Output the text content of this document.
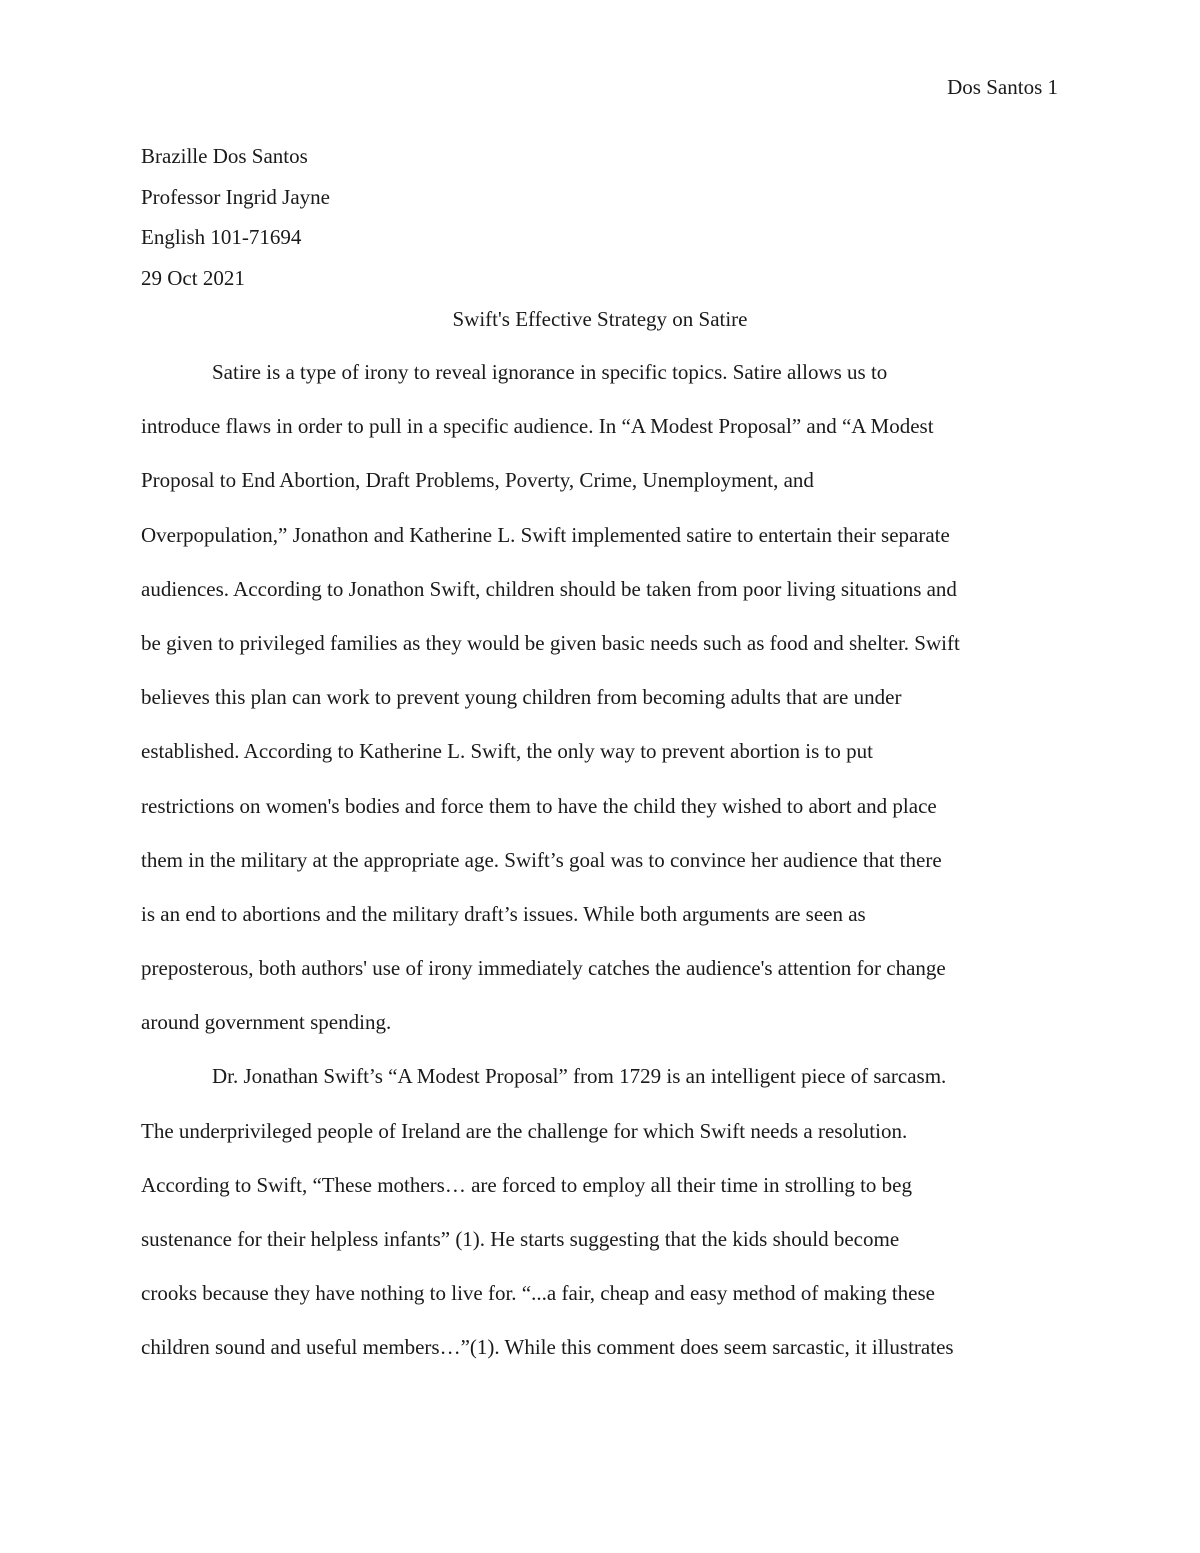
Dos Santos 1
Brazille Dos Santos
Professor Ingrid Jayne
English 101-71694
29 Oct 2021
Swift's Effective Strategy on Satire
Satire is a type of irony to reveal ignorance in specific topics. Satire allows us to
introduce flaws in order to pull in a specific audience. In “A Modest Proposal” and “A Modest
Proposal to End Abortion, Draft Problems, Poverty, Crime, Unemployment, and
Overpopulation,” Jonathon and Katherine L. Swift implemented satire to entertain their separate
audiences. According to Jonathon Swift, children should be taken from poor living situations and
be given to privileged families as they would be given basic needs such as food and shelter. Swift
believes this plan can work to prevent young children from becoming adults that are under
established. According to Katherine L. Swift, the only way to prevent abortion is to put
restrictions on women's bodies and force them to have the child they wished to abort and place
them in the military at the appropriate age. Swift’s goal was to convince her audience that there
is an end to abortions and the military draft’s issues. While both arguments are seen as
preposterous, both authors' use of irony immediately catches the audience's attention for change
around government spending.
Dr. Jonathan Swift’s “A Modest Proposal” from 1729 is an intelligent piece of sarcasm.
The underprivileged people of Ireland are the challenge for which Swift needs a resolution.
According to Swift, “These mothers… are forced to employ all their time in strolling to beg
sustenance for their helpless infants” (1). He starts suggesting that the kids should become
crooks because they have nothing to live for. “...a fair, cheap and easy method of making these
children sound and useful members…”(1). While this comment does seem sarcastic, it illustrates
